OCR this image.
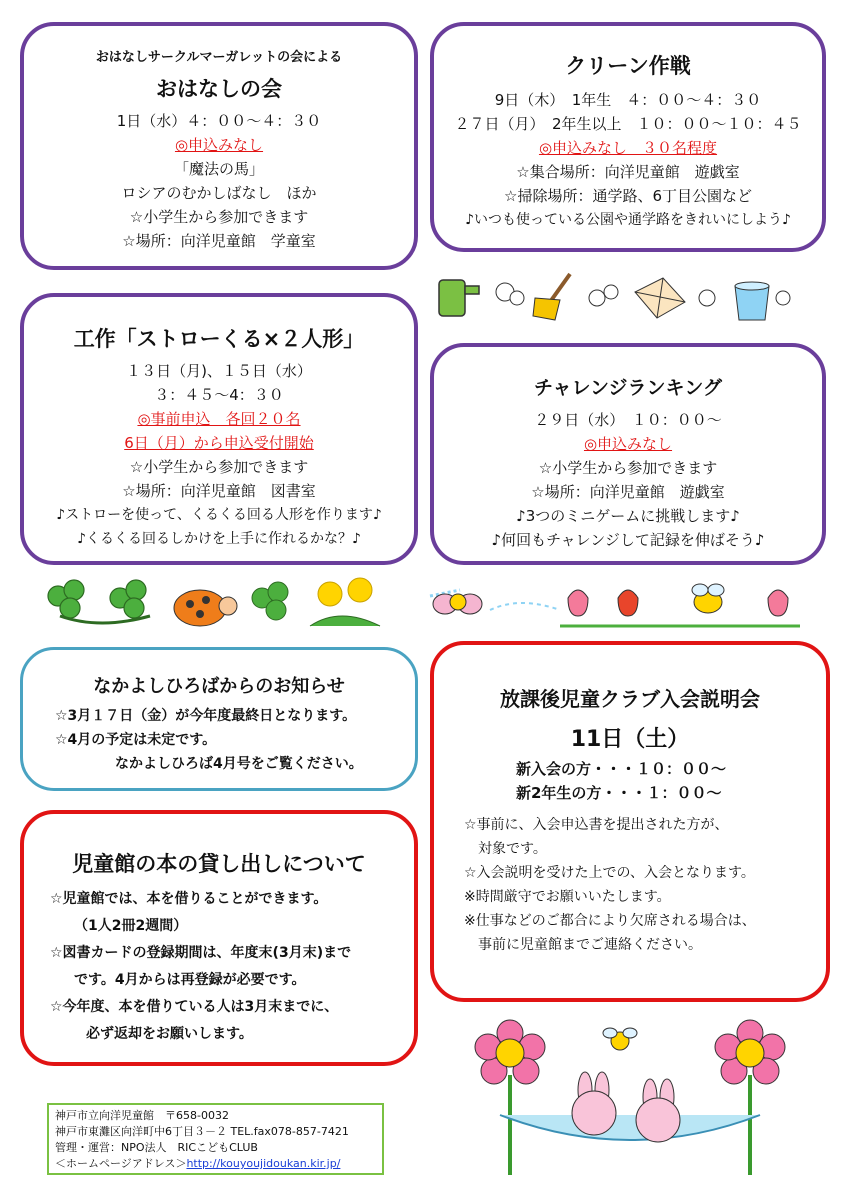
おはなしサークルマーガレットの会による
おはなしの会
1日（水）４：００～４：３０
◎申込みなし
「魔法の馬」
ロシアのむかしばなし　ほか
☆小学生から参加できます
☆場所：向洋児童館　学童室
クリーン作戦
9日（木）　1年生　４：００～４：３０
２７日（月）　2年生以上　１０：００～１０：４５
◎申込みなし　３０名程度
☆集合場所：向洋児童館　遊戯室
☆掃除場所：通学路、6丁目公園など
♪いつも使っている公園や通学路をきれいにしよう♪
工作「ストローくる×２人形」
１３日（月)、１５日（水）
３：４５～4：３０
◎事前申込　各回２０名
6日（月）から申込受付開始
☆小学生から参加できます
☆場所：向洋児童館　図書室
♪ストローを使って、くるくる回る人形を作ります♪
♪くるくる回るしかけを上手に作れるかな？♪
チャレンジランキング
２９日（水）　１０：００～
◎申込みなし
☆小学生から参加できます
☆場所：向洋児童館　遊戯室
♪3つのミニゲームに挑戦します♪
♪何回もチャレンジして記録を伸ばそう♪
なかよしひろばからのお知らせ
☆3月１７日（金）が今年度最終日となります。
☆4月の予定は未定です。
なかよしひろば4月号をご覧ください。
放課後児童クラブ入会説明会
11日（土）
新入会の方・・・１０：００～
新2年生の方・・・１：００～
☆事前に、入会申込書を提出された方が、
対象です。
☆入会説明を受けた上での、入会となります。
※時間厳守でお願いいたします。
※仕事などのご都合により欠席される場合は、
事前に児童館までご連絡ください。
児童館の本の貸し出しについて
☆児童館では、本を借りることができます。
（1人2冊2週間）
☆図書カードの登録期間は、年度末(3月末)まで
です。4月からは再登録が必要です。
☆今年度、本を借りている人は3月末までに、
必ず返却をお願いします。
神戸市立向洋児童館　〒658-0032
神戸市東灘区向洋町中6丁目３－２ TEL.fax078-857-7421
管理・運営：NPO法人　RICこどもCLUB
＜ホームページアドレス＞http://kouyoujidoukan.kir.jp/
